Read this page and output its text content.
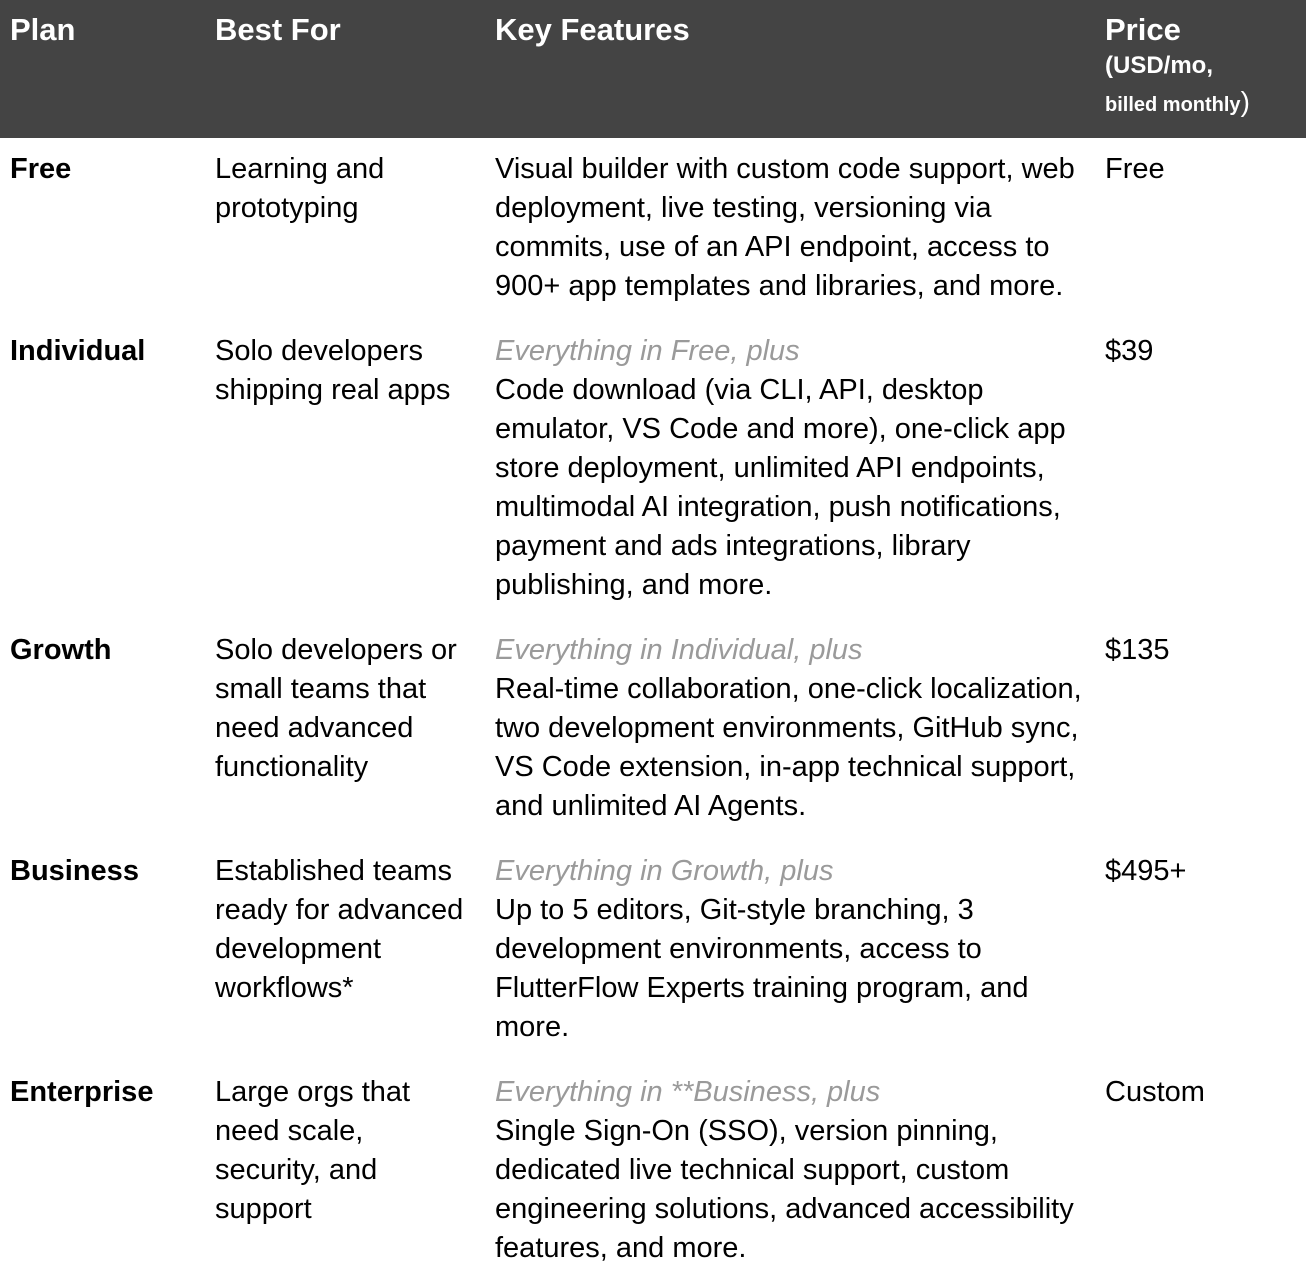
Plan	Best For	Key Features	Price
(USD/mo,
billed monthly)

Free	Learning and prototyping	Visual builder with custom code support, web deployment, live testing, versioning via commits, use of an API endpoint, access to 900+ app templates and libraries, and more.	Free
Individual	Solo developers shipping real apps	Everything in Free, plus
Code download (via CLI, API, desktop emulator, VS Code and more), one-click app store deployment, unlimited API endpoints, multimodal AI integration, push notifications, payment and ads integrations, library publishing, and more.	$39
Growth	Solo developers or small teams that need advanced functionality	Everything in Individual, plus
Real-time collaboration, one-click localization, two development environments, GitHub sync, VS Code extension, in-app technical support, and unlimited AI Agents.	$135
Business	Established teams ready for advanced development workflows*	Everything in Growth, plus
Up to 5 editors, Git-style branching, 3 development environments, access to FlutterFlow Experts training program, and more.	$495+
Enterprise	Large orgs that need scale, security, and support	Everything in **Business, plus
Single Sign-On (SSO), version pinning, dedicated live technical support, custom engineering solutions, advanced accessibility features, and more.	Custom
